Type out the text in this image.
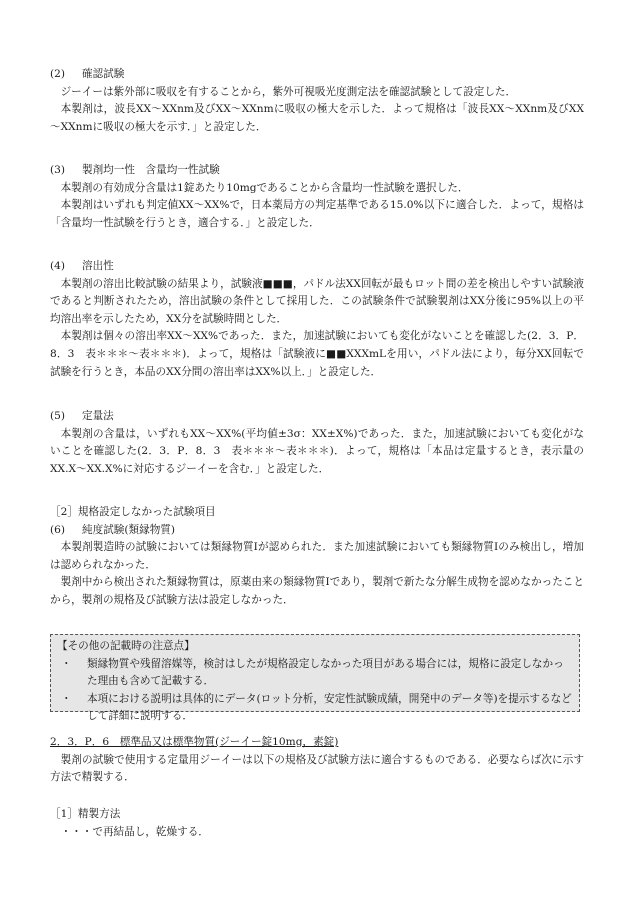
(2) 確認試験

ジーイーは紫外部に吸収を有することから，紫外可視吸光度測定法を確認試験として設定した．

本製剤は，波長XX～XXnm及びXX～XXnmに吸収の極大を示した．よって規格は「波長XX～XXnm及びXX～XXnmに吸収の極大を示す．」と設定した．

(3) 製剤均一性　含量均一性試験

本製剤の有効成分含量は1錠あたり10mgであることから含量均一性試験を選択した．

本製剤はいずれも判定値XX～XX%で，日本薬局方の判定基準である15.0%以下に適合した．よって，規格は「含量均一性試験を行うとき，適合する．」と設定した．

(4) 溶出性

本製剤の溶出比較試験の結果より，試験液■■■，パドル法XX回転が最もロット間の差を検出しやすい試験液であると判断されたため，溶出試験の条件として採用した．この試験条件で試験製剤はXX分後に95%以上の平均溶出率を示したため，XX分を試験時間とした．

本製剤は個々の溶出率XX～XX%であった．また，加速試験においても変化がないことを確認した(2．3．P．8．3　表＊＊＊～表＊＊＊)．よって，規格は「試験液に■■XXXmLを用い，パドル法により，毎分XX回転で試験を行うとき，本品のXX分間の溶出率はXX%以上．」と設定した．

(5) 定量法

本製剤の含量は，いずれもXX～XX%(平均値±3σ：XX±X%)であった．また，加速試験においても変化がないことを確認した(2．3．P．8．3　表＊＊＊～表＊＊＊)．よって，規格は「本品は定量するとき，表示量のXX.X～XX.X%に対応するジーイーを含む．」と設定した．

［2］規格設定しなかった試験項目

(6) 純度試験(類縁物質)

本製剤製造時の試験においては類縁物質Ⅰが認められた．また加速試験においても類縁物質Ⅰのみ検出し，増加は認められなかった．

製剤中から検出された類縁物質は，原薬由来の類縁物質Ⅰであり，製剤で新たな分解生成物を認めなかったことから，製剤の規格及び試験方法は設定しなかった．

【その他の記載時の注意点】

・ 類縁物質や残留溶媒等，検討はしたが規格設定しなかった項目がある場合には，規格に設定しなかった理由も含めて記載する．
・ 本項における説明は具体的にデータ(ロット分析，安定性試験成績，開発中のデータ等)を提示するなどして詳細に説明する．

2．3．P．6　標準品又は標準物質(ジーイー錠10mg，素錠)

製剤の試験で使用する定量用ジーイーは以下の規格及び試験方法に適合するものである．必要ならば次に示す方法で精製する．

［1］精製方法

・・・で再結晶し，乾燥する．
